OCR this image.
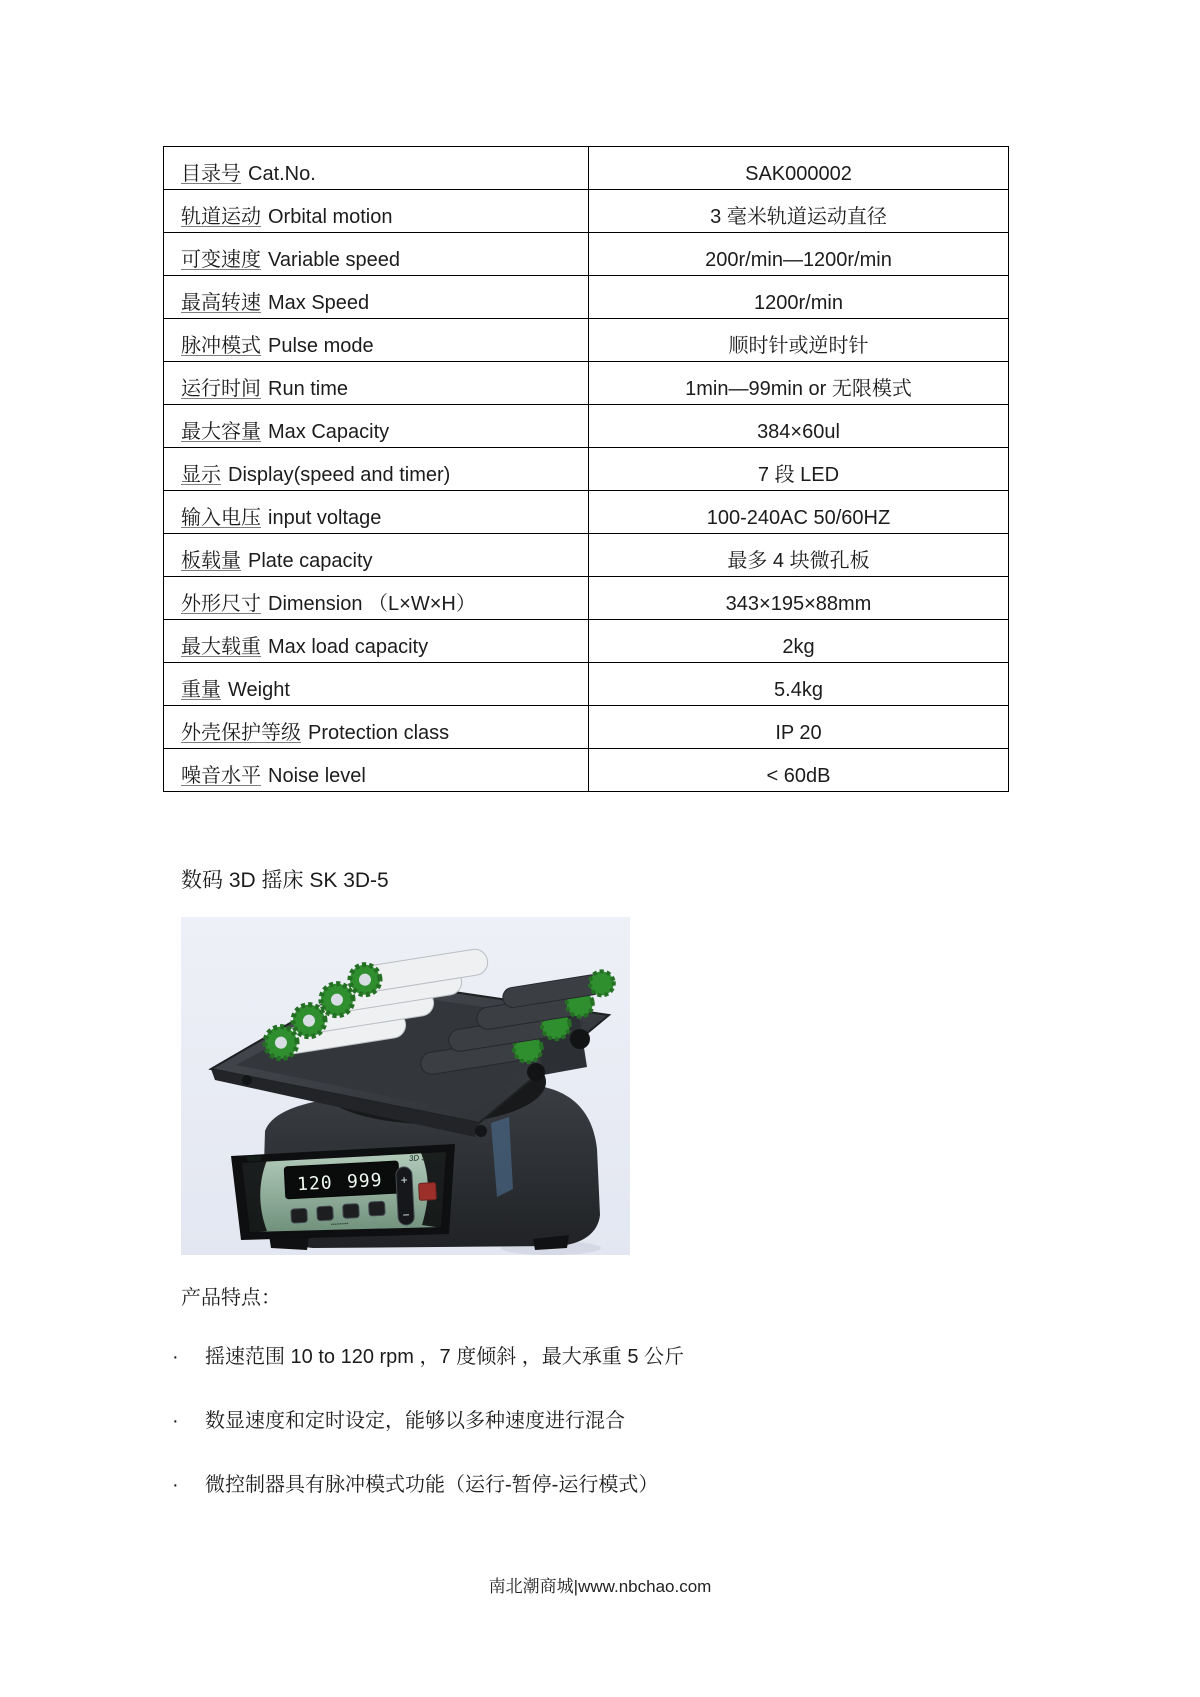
目录号 Cat.No.	SAK000002
轨道运动 Orbital motion	3 毫米轨道运动直径
可变速度 Variable speed	200r/min—1200r/min
最高转速 Max Speed	1200r/min
脉冲模式 Pulse mode	顺时针或逆时针
运行时间 Run time	1min—99min or 无限模式
最大容量 Max Capacity	384×60ul
显示 Display(speed and timer)	7 段 LED
输入电压 input voltage	100-240AC 50/60HZ
板载量 Plate capacity	最多 4 块微孔板
外形尺寸 Dimension （L×W×H）	343×195×88mm
最大载重 Max load capacity	2kg
重量 Weight	5.4kg
外壳保护等级 Protection class	IP 20
噪音水平 Noise level	< 60dB
数码 3D 摇床 SK 3D-5
120 999 +
−
3D Shaker
••••••••••
产品特点：
·	摇速范围 10 to 120 rpm ，7 度倾斜 ，最大承重 5 公斤
·	数显速度和定时设定，能够以多种速度进行混合
·	微控制器具有脉冲模式功能（运行-暂停-运行模式）
南北潮商城|www.nbchao.com
